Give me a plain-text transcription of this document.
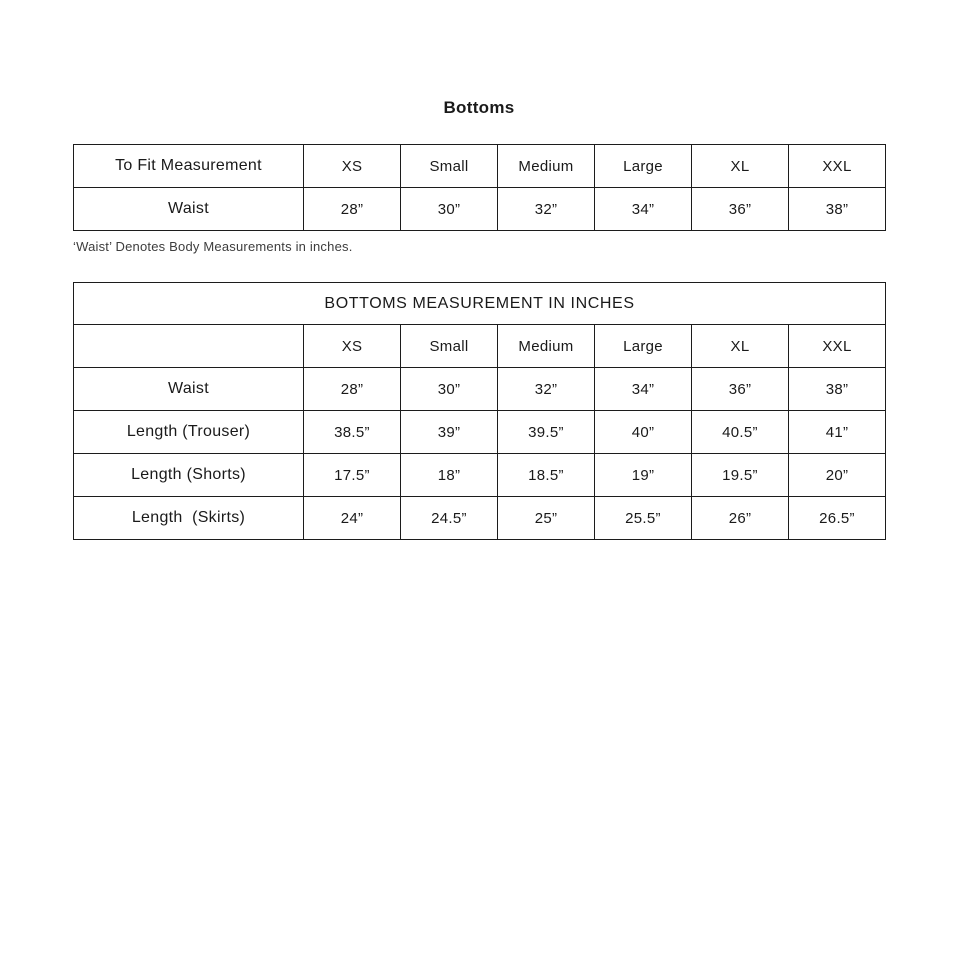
Bottoms
To Fit Measurement	XS	Small	Medium	Large	XL	XXL
Waist	28”	30”	32”	34”	36”	38”
‘Waist’ Denotes Body Measurements in inches.
BOTTOMS MEASUREMENT IN INCHES						
	XS	Small	Medium	Large	XL	XXL
Waist	28”	30”	32”	34”	36”	38”
Length (Trouser)	38.5”	39”	39.5”	40”	40.5”	41”
Length (Shorts)	17.5”	18”	18.5”	19”	19.5”	20”
Length  (Skirts)	24”	24.5”	25”	25.5”	26”	26.5”
